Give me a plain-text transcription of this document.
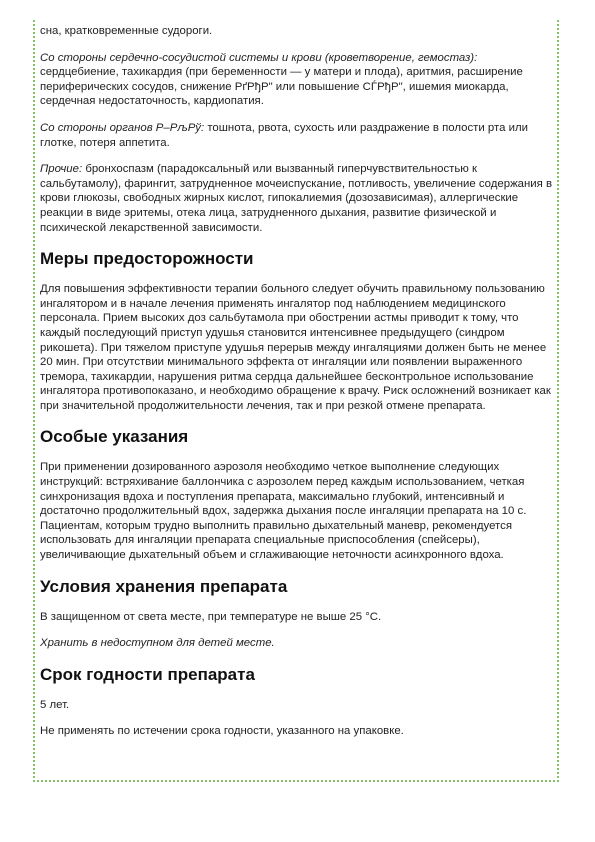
сна, кратковременные судороги.

Со стороны сердечно-сосудистой системы и крови (кроветворение, гемостаз):
сердцебиение, тахикардия (при беременности — у матери и плода), аритмия, расширение периферических сосудов, снижение РґРђР" или повышение СЃРђР", ишемия миокарда, сердечная недостаточность, кардиопатия.

Со стороны органов Р–РљРў: тошнота, рвота, сухость или раздражение в полости рта или глотке, потеря аппетита.

Прочие: бронхоспазм (парадоксальный или вызванный гиперчувствительностью к сальбутамолу), фарингит, затрудненное мочеиспускание, потливость, увеличение содержания в крови глюкозы, свободных жирных кислот, гипокалиемия (дозозависимая), аллергические реакции в виде эритемы, отека лица, затрудненного дыхания, развитие физической и психической лекарственной зависимости.

Меры предосторожности

Для повышения эффективности терапии больного следует обучить правильному пользованию ингалятором и в начале лечения применять ингалятор под наблюдением медицинского персонала. Прием высоких доз сальбутамола при обострении астмы приводит к тому, что каждый последующий приступ удушья становится интенсивнее предыдущего (синдром рикошета). При тяжелом приступе удушья перерыв между ингаляциями должен быть не менее 20 мин. При отсутствии минимального эффекта от ингаляции или появлении выраженного тремора, тахикардии, нарушения ритма сердца дальнейшее бесконтрольное использование ингалятора противопоказано, и необходимо обращение к врачу. Риск осложнений возникает как при значительной продолжительности лечения, так и при резкой отмене препарата.

Особые указания

При применении дозированного аэрозоля необходимо четкое выполнение следующих инструкций: встряхивание баллончика с аэрозолем перед каждым использованием, четкая синхронизация вдоха и поступления препарата, максимально глубокий, интенсивный и достаточно продолжительный вдох, задержка дыхания после ингаляции препарата на 10 с. Пациентам, которым трудно выполнить правильно дыхательный маневр, рекомендуется использовать для ингаляции препарата специальные приспособления (спейсеры), увеличивающие дыхательный объем и сглаживающие неточности асинхронного вдоха.

Условия хранения препарата

В защищенном от света месте, при температуре не выше 25 °С.

Хранить в недоступном для детей месте.

Срок годности препарата

5 лет.

Не применять по истечении срока годности, указанного на упаковке.
